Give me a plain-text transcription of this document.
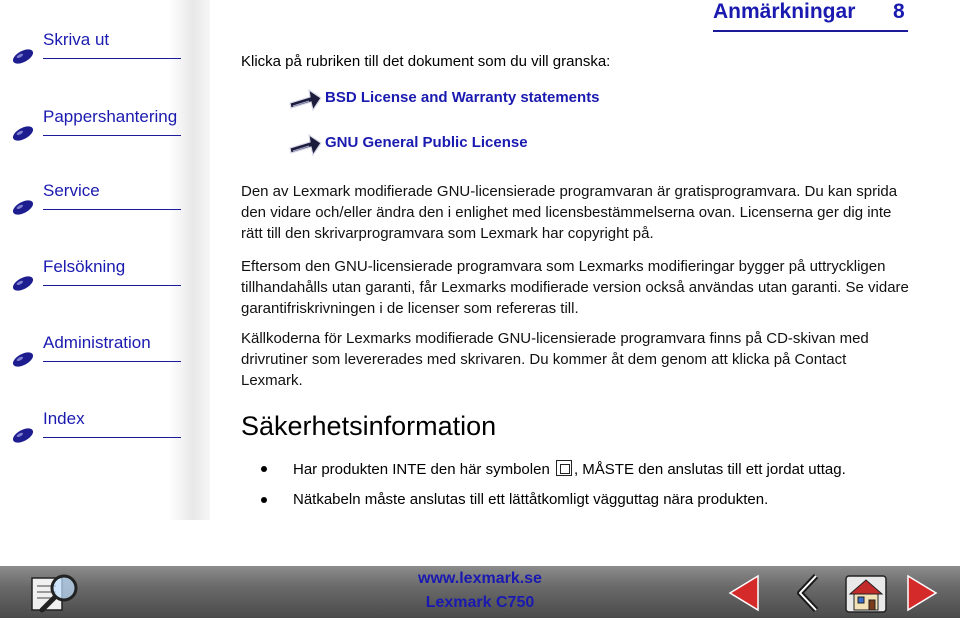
Skriva ut
Pappershantering
Service
Felsökning
Administration
Index
Anmärkningar 8
Klicka på rubriken till det dokument som du vill granska:
BSD License and Warranty statements
GNU General Public License

Den av Lexmark modifierade GNU-licensierade programvaran är gratisprogramvara. Du kan sprida den vidare och/eller ändra den i enlighet med licensbestämmelserna ovan. Licenserna ger dig inte rätt till den skrivarprogramvara som Lexmark har copyright på.

Eftersom den GNU-licensierade programvara som Lexmarks modifieringar bygger på uttryckligen tillhandahålls utan garanti, får Lexmarks modifierade version också användas utan garanti. Se vidare garantifriskrivningen i de licenser som refereras till.

Källkoderna för Lexmarks modifierade GNU-licensierade programvara finns på CD-skivan med drivrutiner som levererades med skrivaren. Du kommer åt dem genom att klicka på Contact Lexmark.

Säkerhetsinformation
Har produkten INTE den här symbolen , MÅSTE den anslutas till ett jordat uttag.
Nätkabeln måste anslutas till ett lättåtkomligt vägguttag nära produkten.
www.lexmark.se
Lexmark C750
